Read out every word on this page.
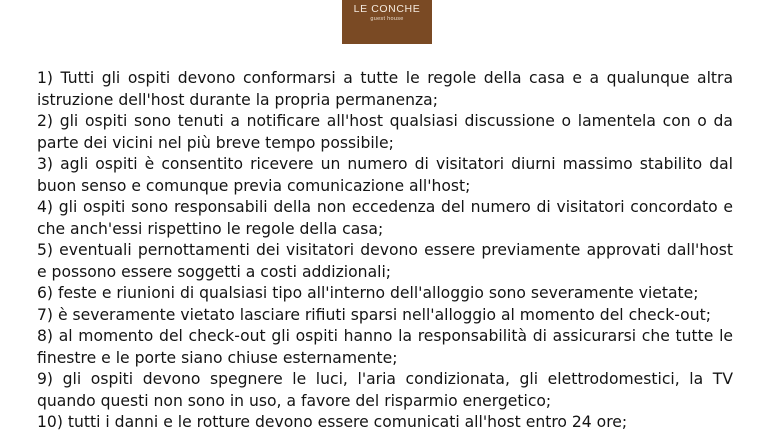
LE CONCHE
guest house
1) Tutti gli ospiti devono conformarsi a tutte le regole della casa e a qualunque altra istruzione dell'host durante la propria permanenza;
2) gli ospiti sono tenuti a notificare all'host qualsiasi discussione o lamentela con o da parte dei vicini nel più breve tempo possibile;
3) agli ospiti è consentito ricevere un numero di visitatori diurni massimo stabilito dal buon senso e comunque previa comunicazione all'host;
4) gli ospiti sono responsabili della non eccedenza del numero di visitatori concordato e che anch'essi rispettino le regole della casa;
5) eventuali pernottamenti dei visitatori devono essere previamente approvati dall'host e possono essere soggetti a costi addizionali;
6) feste e riunioni di qualsiasi tipo all'interno dell'alloggio sono severamente vietate;
7) è severamente vietato lasciare rifiuti sparsi nell'alloggio al momento del check-out;
8) al momento del check-out gli ospiti hanno la responsabilità di assicurarsi che tutte le finestre e le porte siano chiuse esternamente;
9) gli ospiti devono spegnere le luci, l'aria condizionata, gli elettrodomestici, la TV quando questi non sono in uso, a favore del risparmio energetico;
10) tutti i danni e le rotture devono essere comunicati all'host entro 24 ore;
